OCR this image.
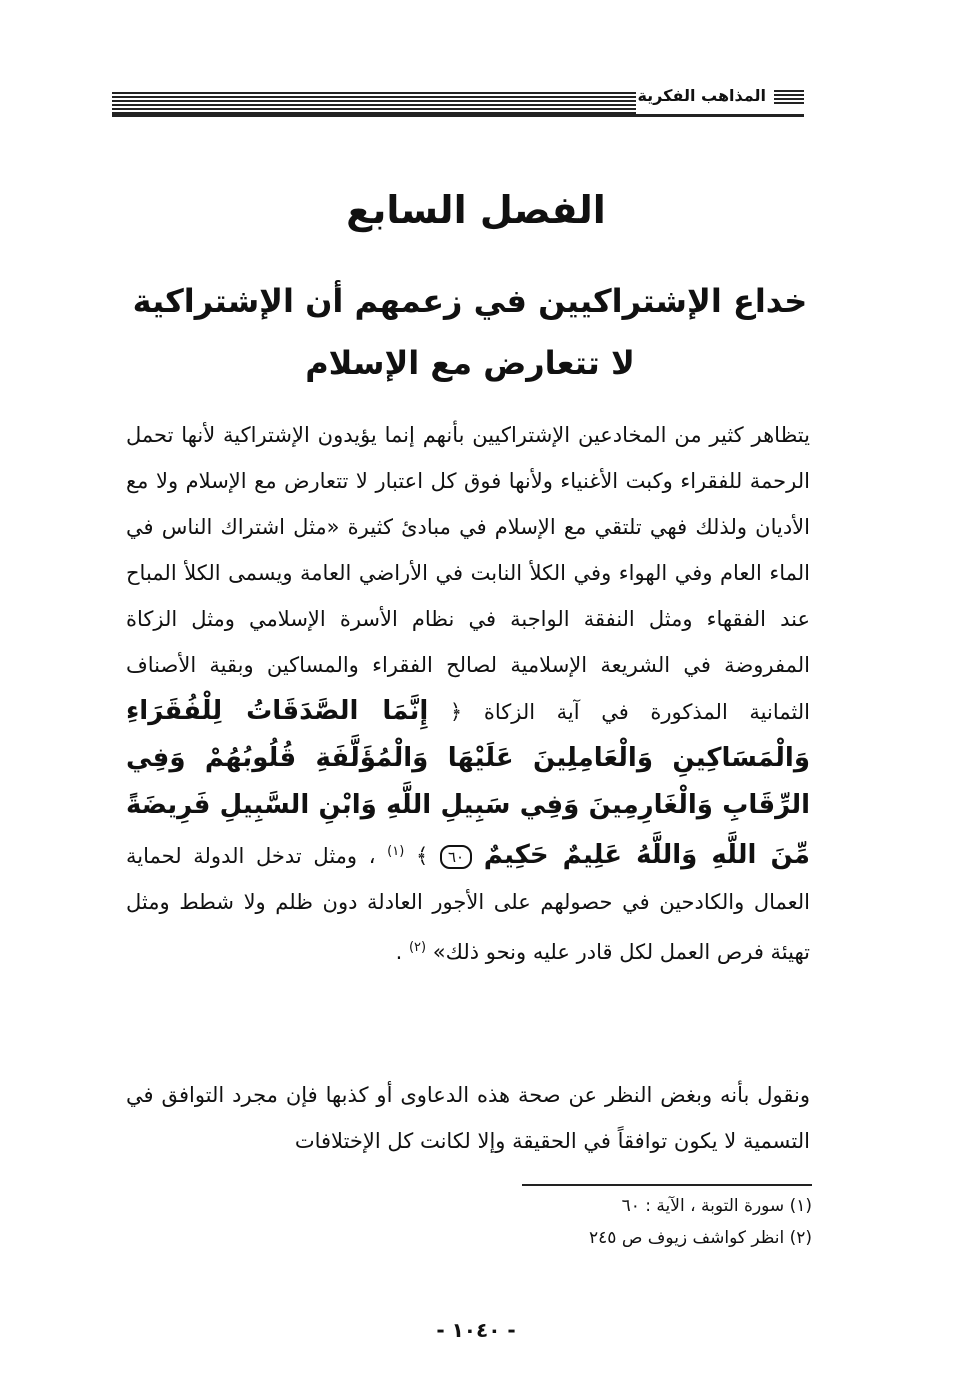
المذاهب الفكرية
الفصل السابع
خداع الإشتراكيين في زعمهم أن الإشتراكية لا تتعارض مع الإسلام

يتظاهر كثير من المخادعين الإشتراكيين بأنهم إنما يؤيدون الإشتراكية لأنها تحمل الرحمة للفقراء وكبت الأغنياء ولأنها فوق كل اعتبار لا تتعارض مع الإسلام ولا مع الأديان ولذلك فهي تلتقي مع الإسلام في مبادئ كثيرة «مثل اشتراك الناس في الماء العام وفي الهواء وفي الكلأ النابت في الأراضي العامة ويسمى الكلأ المباح عند الفقهاء ومثل النفقة الواجبة في نظام الأسرة الإسلامي ومثل الزكاة المفروضة في الشريعة الإسلامية لصالح الفقراء والمساكين وبقية الأصناف الثمانية المذكورة في آية الزكاة ﴿ إِنَّمَا الصَّدَقَاتُ لِلْفُقَرَاءِ وَالْمَسَاكِينِ وَالْعَامِلِينَ عَلَيْهَا وَالْمُؤَلَّفَةِ قُلُوبُهُمْ وَفِي الرِّقَابِ وَالْغَارِمِينَ وَفِي سَبِيلِ اللَّهِ وَابْنِ السَّبِيلِ فَرِيضَةً مِّنَ اللَّهِ وَاللَّهُ عَلِيمٌ حَكِيمٌ ٦٠ ﴾ $^{(١)}$ ، ومثل تدخل الدولة لحماية العمال والكادحين في حصولهم على الأجور العادلة دون ظلم ولا شطط ومثل تهيئة فرص العمل لكل قادر عليه ونحو ذلك» $^{(٢)}$ .

ونقول بأنه وبغض النظر عن صحة هذه الدعاوى أو كذبها فإن مجرد التوافق في التسمية لا يكون توافقاً في الحقيقة وإلا لكانت كل الإختلافات

(١) سورة التوبة ، الآية : ٦٠
(٢) انظر كواشف زيوف ص ٢٤٥
- ١٠٤٠ -
